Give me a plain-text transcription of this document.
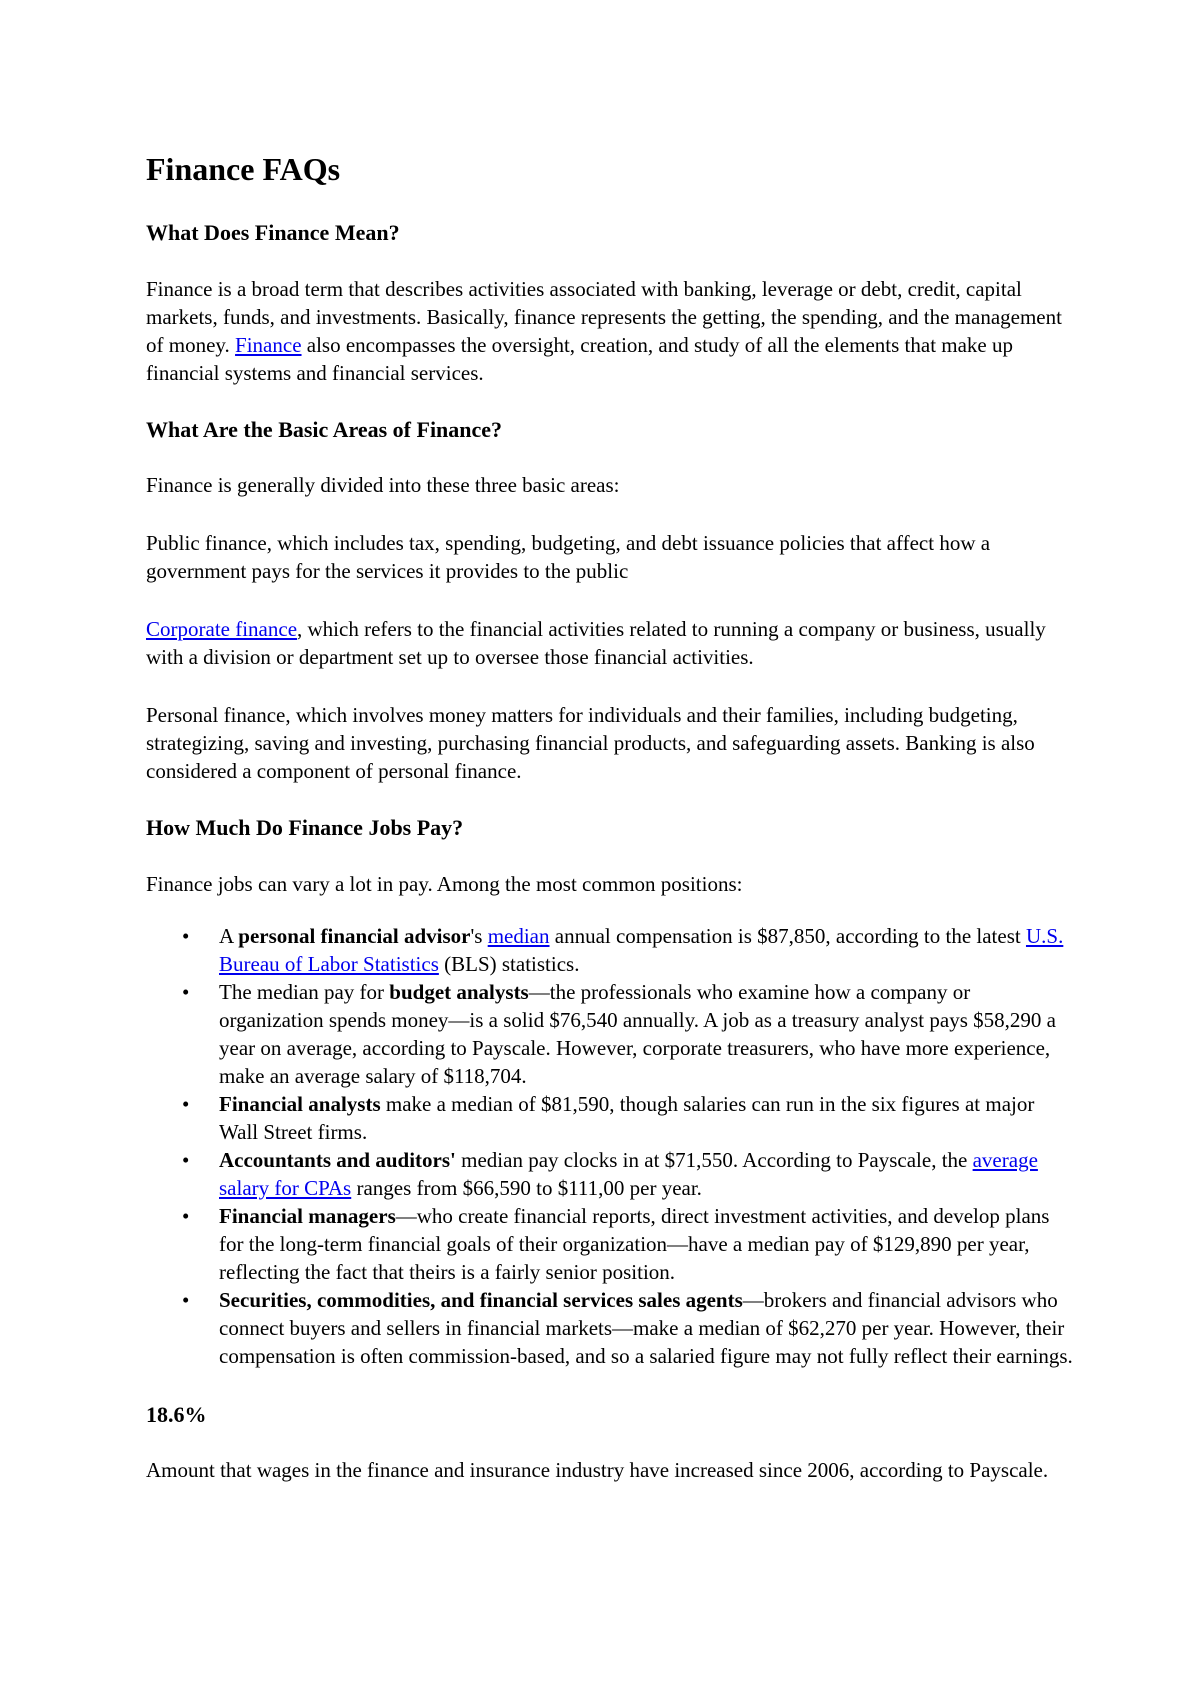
Finance FAQs
What Does Finance Mean?

Finance is a broad term that describes activities associated with banking, leverage or debt, credit, capital markets, funds, and investments. Basically, finance represents the getting, the spending, and the management of money. Finance also encompasses the oversight, creation, and study of all the elements that make up financial systems and financial services.

What Are the Basic Areas of Finance?

Finance is generally divided into these three basic areas:

Public finance, which includes tax, spending, budgeting, and debt issuance policies that affect how a government pays for the services it provides to the public

Corporate finance, which refers to the financial activities related to running a company or business, usually with a division or department set up to oversee those financial activities.

Personal finance, which involves money matters for individuals and their families, including budgeting, strategizing, saving and investing, purchasing financial products, and safeguarding assets. Banking is also considered a component of personal finance.

How Much Do Finance Jobs Pay?

Finance jobs can vary a lot in pay. Among the most common positions:

• A personal financial advisor's median annual compensation is $87,850, according to the latest U.S. Bureau of Labor Statistics (BLS) statistics.
• The median pay for budget analysts—the professionals who examine how a company or organization spends money—is a solid $76,540 annually. A job as a treasury analyst pays $58,290 a year on average, according to Payscale. However, corporate treasurers, who have more experience, make an average salary of $118,704.
• Financial analysts make a median of $81,590, though salaries can run in the six figures at major Wall Street firms.
• Accountants and auditors' median pay clocks in at $71,550. According to Payscale, the average salary for CPAs ranges from $66,590 to $111,00 per year.
• Financial managers—who create financial reports, direct investment activities, and develop plans for the long-term financial goals of their organization—have a median pay of $129,890 per year, reflecting the fact that theirs is a fairly senior position.
• Securities, commodities, and financial services sales agents—brokers and financial advisors who connect buyers and sellers in financial markets—make a median of $62,270 per year. However, their compensation is often commission-based, and so a salaried figure may not fully reflect their earnings.
18.6%

Amount that wages in the finance and insurance industry have increased since 2006, according to Payscale.
